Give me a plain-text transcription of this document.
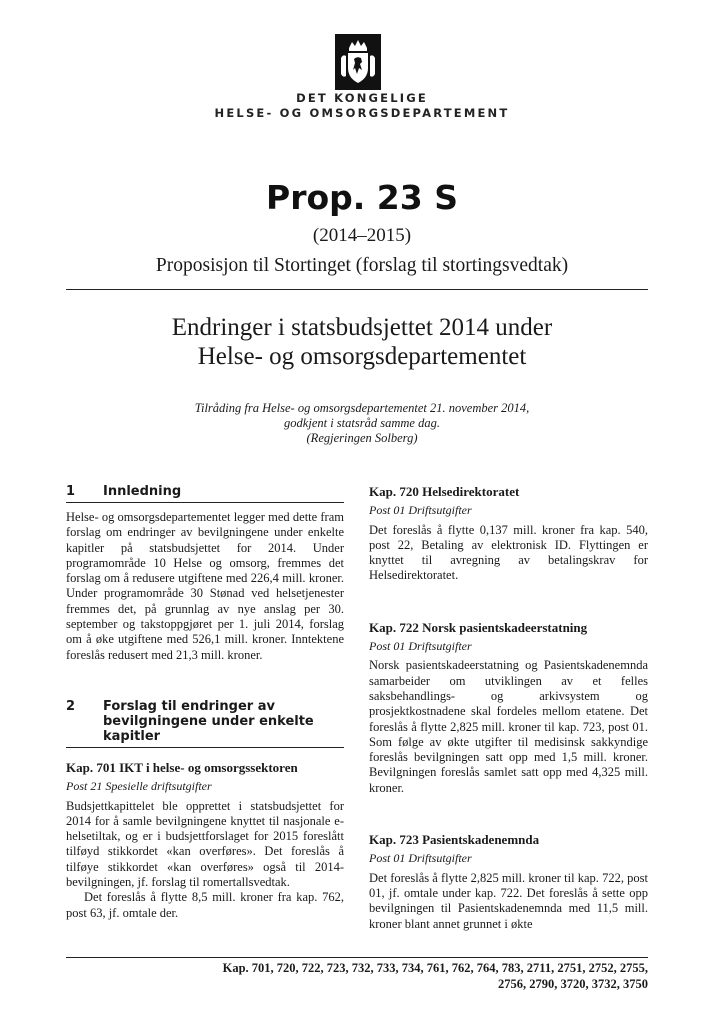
DET KONGELIGE
HELSE- OG OMSORGSDEPARTEMENT
Prop. 23 S
(2014–2015)
Proposisjon til Stortinget (forslag til stortingsvedtak)
Endringer i statsbudsjettet 2014 under
Helse- og omsorgsdepartementet
Tilråding fra Helse- og omsorgsdepartementet 21. november 2014,
godkjent i statsråd samme dag.
(Regjeringen Solberg)
1	Innledning

Helse- og omsorgsdepartementet legger med dette fram forslag om endringer av bevilgningene under enkelte kapitler på statsbudsjettet for 2014. Under programområde 10 Helse og omsorg, fremmes det forslag om å redusere utgiftene med 226,4 mill. kroner. Under programområde 30 Stønad ved helsetjenester fremmes det, på grunnlag av nye anslag per 30. september og takstoppgjøret per 1. juli 2014, forslag om å øke utgiftene med 526,1 mill. kroner. Inntektene foreslås redusert med 21,3 mill. kroner.

2	Forslag til endringer av
bevilgningene under enkelte
kapitler
Kap. 701 IKT i helse- og omsorgssektoren
Post 21 Spesielle driftsutgifter

Budsjettkapittelet ble opprettet i statsbudsjettet for 2014 for å samle bevilgningene knyttet til nasjonale e-helsetiltak, og er i budsjettforslaget for 2015 foreslått tilføyd stikkordet «kan overføres». Det foreslås å tilføye stikkordet «kan overføres» også til 2014-bevilgningen, jf. forslag til romertallsvedtak.

Det foreslås å flytte 8,5 mill. kroner fra kap. 762, post 63, jf. omtale der.

Kap. 720 Helsedirektoratet
Post 01 Driftsutgifter

Det foreslås å flytte 0,137 mill. kroner fra kap. 540, post 22, Betaling av elektronisk ID. Flyttingen er knyttet til avregning av betalingskrav for Helsedirektoratet.

Kap. 722 Norsk pasientskadeerstatning
Post 01 Driftsutgifter

Norsk pasientskadeerstatning og Pasientskadenemnda samarbeider om utviklingen av et felles saksbehandlings- og arkivsystem og prosjektkostnadene skal fordeles mellom etatene. Det foreslås å flytte 2,825 mill. kroner til kap. 723, post 01. Som følge av økte utgifter til medisinsk sakkyndige foreslås bevilgningen satt opp med 1,5 mill. kroner. Bevilgningen foreslås samlet satt opp med 4,325 mill. kroner.

Kap. 723 Pasientskadenemnda
Post 01 Driftsutgifter

Det foreslås å flytte 2,825 mill. kroner til kap. 722, post 01, jf. omtale under kap. 722. Det foreslås å sette opp bevilgningen til Pasientskadenemnda med 11,5 mill. kroner blant annet grunnet i økte

Kap. 701, 720, 722, 723, 732, 733, 734, 761, 762, 764, 783, 2711, 2751, 2752, 2755,
2756, 2790, 3720, 3732, 3750
